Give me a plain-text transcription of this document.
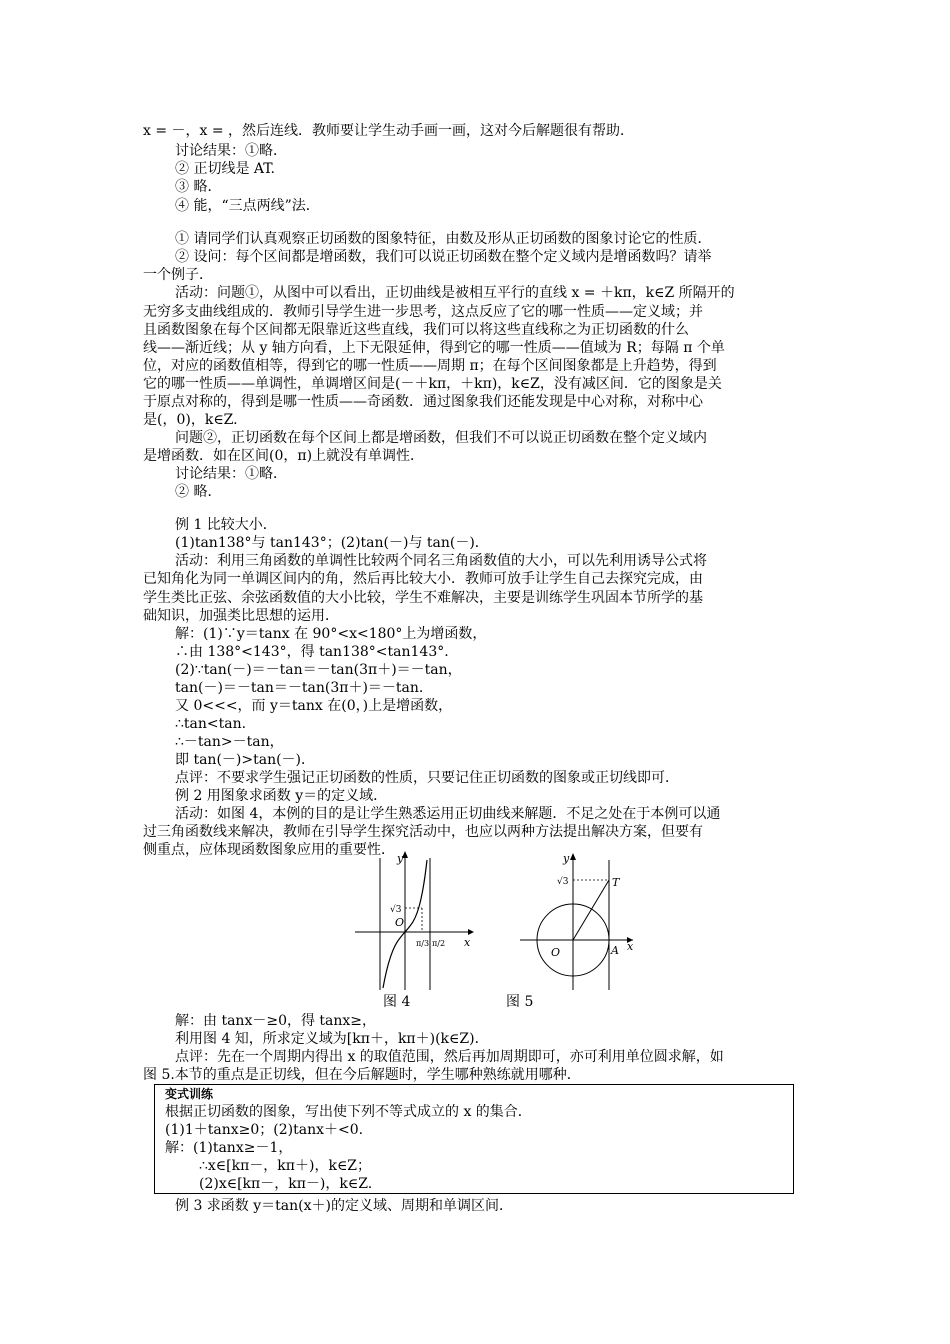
x = －，x = ，然后连线．教师要让学生动手画一画，这对今后解题很有帮助．
讨论结果：①略．
② 正切线是 AT.
③ 略．
④ 能，“三点两线”法．
① 请同学们认真观察正切函数的图象特征，由数及形从正切函数的图象讨论它的性质．
② 设问：每个区间都是增函数，我们可以说正切函数在整个定义域内是增函数吗？请举
一个例子．
活动：问题①，从图中可以看出，正切曲线是被相互平行的直线 x = ＋kπ，k∈Z 所隔开的
无穷多支曲线组成的．教师引导学生进一步思考，这点反应了它的哪一性质——定义域；并
且函数图象在每个区间都无限靠近这些直线，我们可以将这些直线称之为正切函数的什么
线——渐近线；从 y 轴方向看，上下无限延伸，得到它的哪一性质——值域为 R；每隔 π 个单
位，对应的函数值相等，得到它的哪一性质——周期 π；在每个区间图象都是上升趋势，得到
它的哪一性质——单调性，单调增区间是(－＋kπ，＋kπ)，k∈Z，没有减区间．它的图象是关
于原点对称的，得到是哪一性质——奇函数．通过图象我们还能发现是中心对称，对称中心
是(，0)，k∈Z.
问题②，正切函数在每个区间上都是增函数，但我们不可以说正切函数在整个定义域内
是增函数．如在区间(0，π)上就没有单调性．
讨论结果：①略．
② 略．
例 1 比较大小．
(1)tan138°与 tan143°；(2)tan(－)与 tan(－)．
活动：利用三角函数的单调性比较两个同名三角函数值的大小，可以先利用诱导公式将
已知角化为同一单调区间内的角，然后再比较大小．教师可放手让学生自己去探究完成，由
学生类比正弦、余弦函数值的大小比较，学生不难解决，主要是训练学生巩固本节所学的基
础知识，加强类比思想的运用．
解：(1)∵y＝tanx 在 90°<x<180°上为增函数，
∴由 138°<143°，得 tan138°<tan143°.
(2)∵tan(－)＝－tan＝－tan(3π＋)＝－tan，
tan(－)＝－tan＝－tan(3π＋)＝－tan.
又 0<<<，而 y＝tanx 在(0，)上是增函数，
∴tan<tan.
∴－tan>－tan，
即 tan(－)>tan(－)．
点评：不要求学生强记正切函数的性质，只要记住正切函数的图象或正切线即可．
例 2 用图象求函数 y＝的定义域．
活动：如图 4，本例的目的是让学生熟悉运用正切曲线来解题．不足之处在于本例可以通
过三角函数线来解决，教师在引导学生探究活动中，也应以两种方法提出解决方案，但要有
侧重点，应体现函数图象应用的重要性．
x
y
O
√3
π/3 π/2
O	x
y
√3	T
A
图 4	图 5
解：由 tanx－≥0，得 tanx≥，
利用图 4 知，所求定义域为[kπ＋，kπ＋)(k∈Z)．
点评：先在一个周期内得出 x 的取值范围，然后再加周期即可，亦可利用单位圆求解，如
图 5.本节的重点是正切线，但在今后解题时，学生哪种熟练就用哪种．
变式训练
根据正切函数的图象，写出使下列不等式成立的 x 的集合．
(1)1＋tanx≥0；(2)tanx＋<0.
解：(1)tanx≥－1，
∴x∈[kπ－，kπ＋)，k∈Z；
(2)x∈[kπ－，kπ－)，k∈Z.
例 3 求函数 y＝tan(x＋)的定义域、周期和单调区间．
